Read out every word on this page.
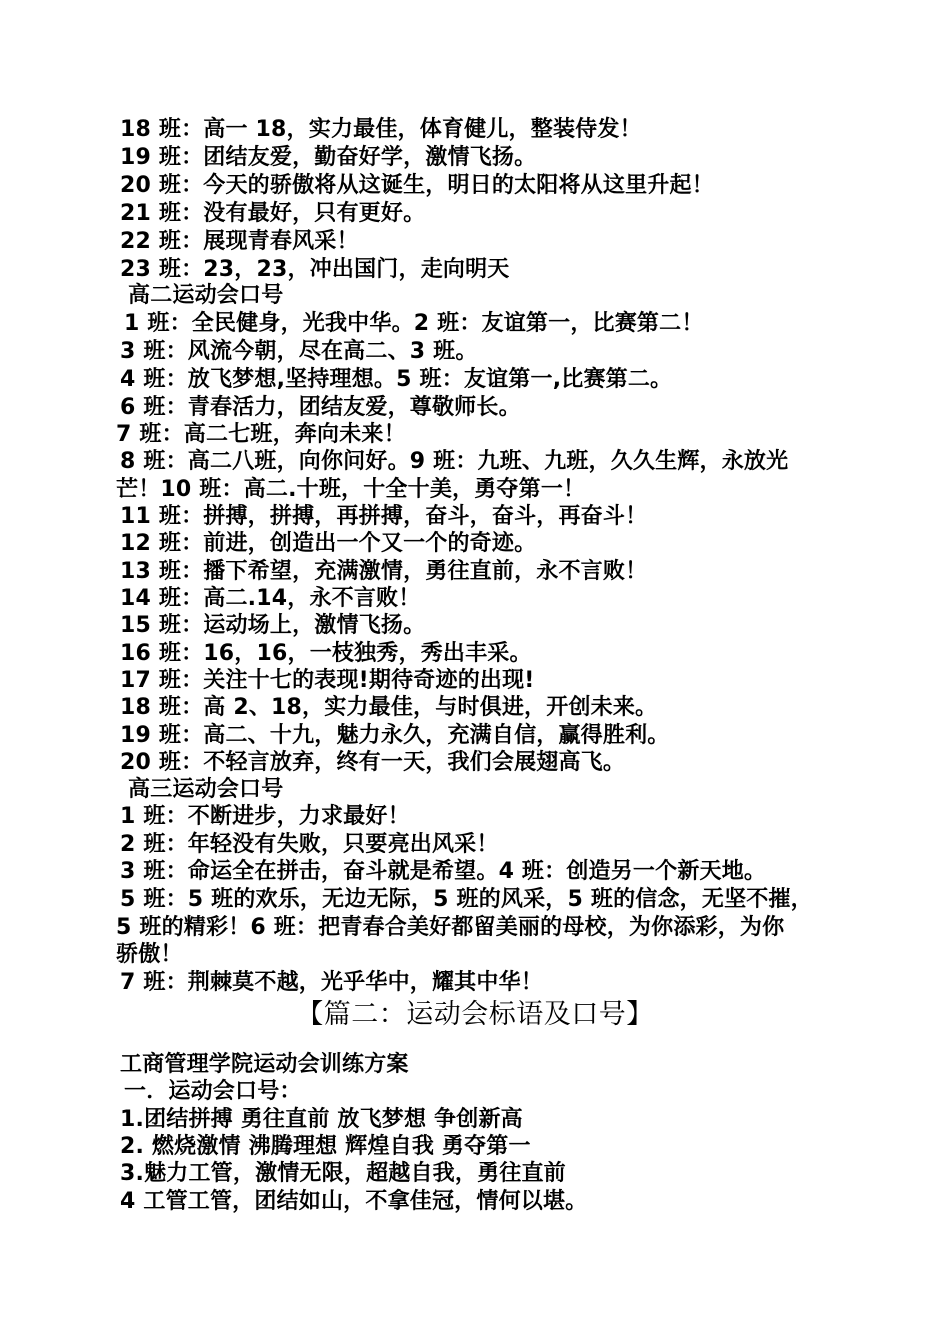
18 班：高一 18，实力最佳，体育健儿，整装侍发！
19 班：团结友爱，勤奋好学，激情飞扬。
20 班：今天的骄傲将从这诞生，明日的太阳将从这里升起！
21 班：没有最好，只有更好。
22 班：展现青春风采！
23 班：23，23，冲出国门，走向明天
高二运动会口号
1 班：全民健身，光我中华。2 班：友谊第一，比赛第二！
3 班：风流今朝，尽在高二、3 班。
4 班：放飞梦想,坚持理想。5 班：友谊第一,比赛第二。
6 班：青春活力，团结友爱，尊敬师长。
7 班：高二七班，奔向未来！
8 班：高二八班，向你问好。9 班：九班、九班，久久生辉，永放光
芒！10 班：高二.十班，十全十美，勇夺第一！
11 班：拼搏，拼搏，再拼搏，奋斗，奋斗，再奋斗！
12 班：前进，创造出一个又一个的奇迹。
13 班：播下希望，充满激情，勇往直前，永不言败！
14 班：高二.14，永不言败！
15 班：运动场上，激情飞扬。
16 班：16，16，一枝独秀，秀出丰采。
17 班：关注十七的表现!期待奇迹的出现!
18 班：高 2、18，实力最佳，与时俱进，开创未来。
19 班：高二、十九，魅力永久，充满自信，赢得胜利。
20 班：不轻言放弃，终有一天，我们会展翅高飞。
高三运动会口号
1 班：不断进步，力求最好！
2 班：年轻没有失败，只要亮出风采！
3 班：命运全在拼击，奋斗就是希望。4 班：创造另一个新天地。
5 班：5 班的欢乐，无边无际，5 班的风采，5 班的信念，无坚不摧，
5 班的精彩！6 班：把青春合美好都留美丽的母校，为你添彩，为你
骄傲！
7 班：荆棘莫不越，光乎华中，耀其中华！
【篇二：运动会标语及口号】
工商管理学院运动会训练方案
一．运动会口号：
1.团结拼搏 勇往直前 放飞梦想 争创新高
2. 燃烧激情 沸腾理想 辉煌自我 勇夺第一
3.魅力工管，激情无限，超越自我，勇往直前
4 工管工管，团结如山，不拿佳冠，情何以堪。
